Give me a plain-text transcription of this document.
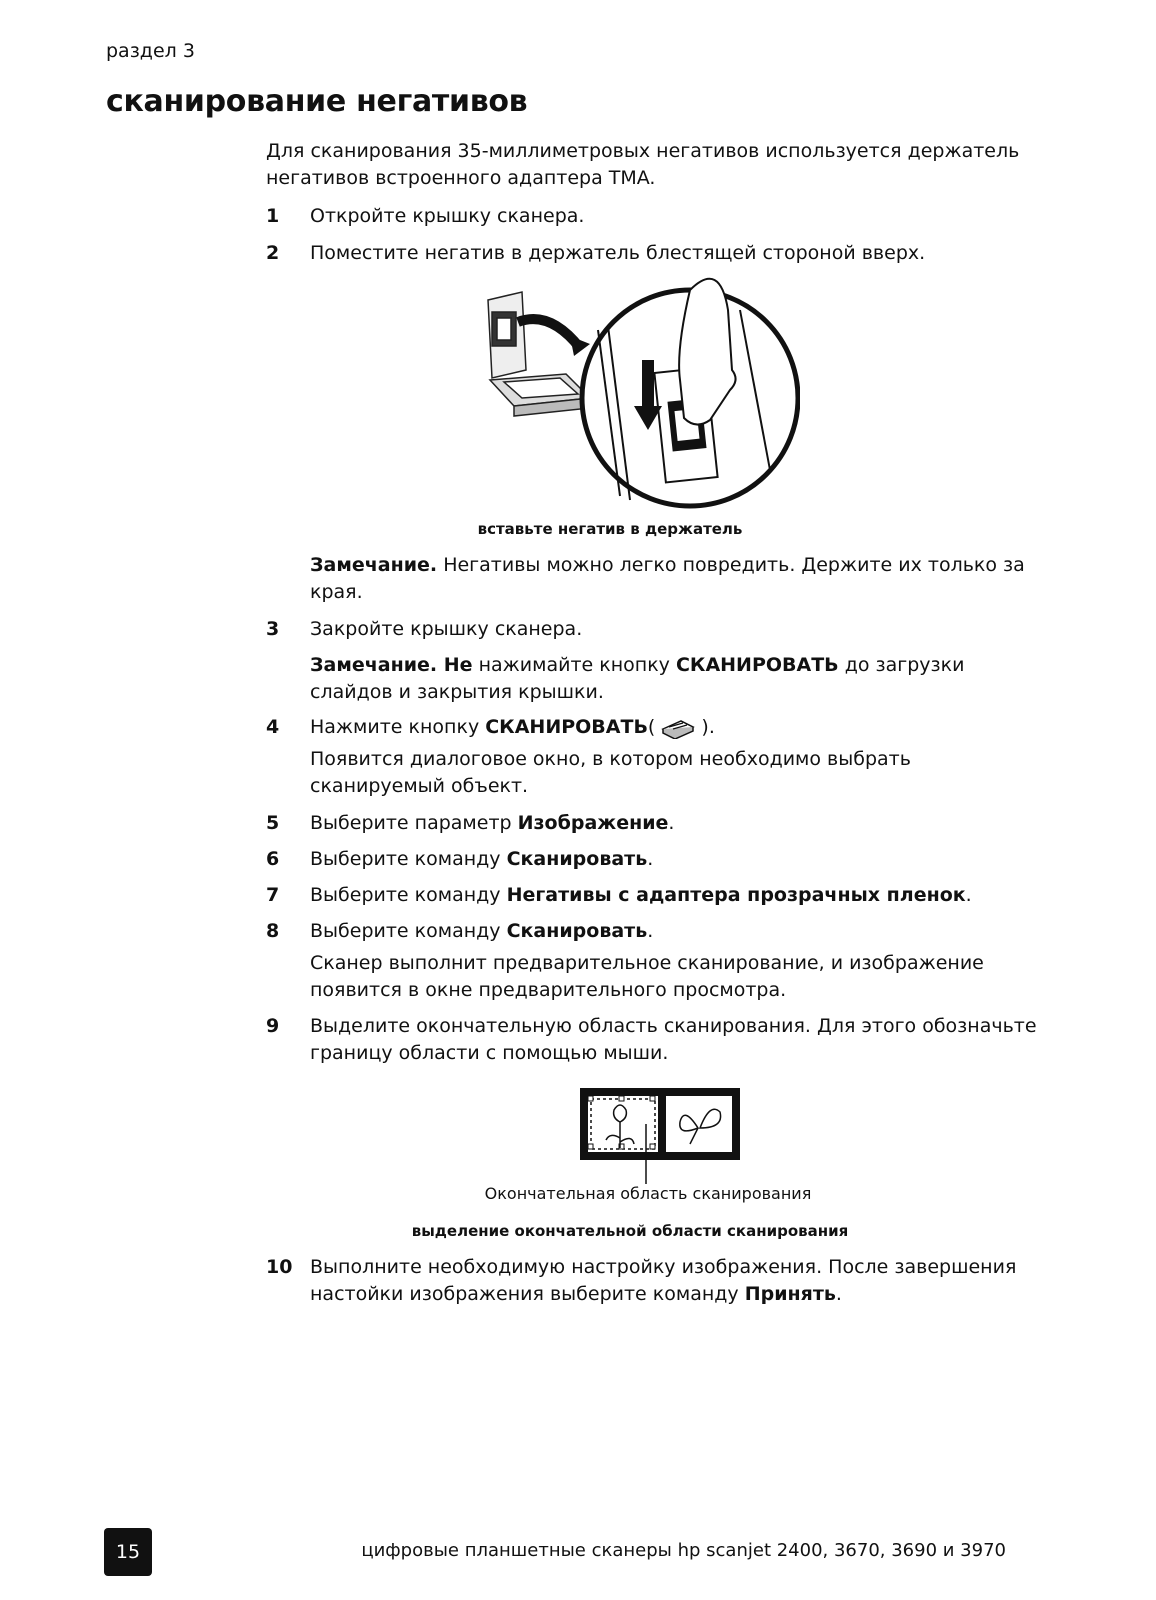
раздел 3
сканирование негативов
Для сканирования 35-миллиметровых негативов используется держатель негативов встроенного адаптера TMA.
1 Откройте крышку сканера.
2 Поместите негатив в держатель блестящей стороной вверх.
вставьте негатив в держатель
Замечание. Негативы можно легко повредить. Держите их только за края.
3 Закройте крышку сканера.
Замечание. Не нажимайте кнопку СКАНИРОВАТЬ до загрузки слайдов и закрытия крышки.
4 Нажмите кнопку СКАНИРОВАТЬ(  ).
Появится диалоговое окно, в котором необходимо выбрать сканируемый объект.
5 Выберите параметр Изображение.
6 Выберите команду Сканировать.
7 Выберите команду Негативы с адаптера прозрачных пленок.
8 Выберите команду Сканировать.
Сканер выполнит предварительное сканирование, и изображение появится в окне предварительного просмотра.
9 Выделите окончательную область сканирования. Для этого обозначьте границу области с помощью мыши.
Окончательная область сканирования
выделение окончательной области сканирования
10 Выполните необходимую настройку изображения. После завершения настойки изображения выберите команду Принять.
15	цифровые планшетные сканеры hp scanjet 2400, 3670, 3690 и 3970
